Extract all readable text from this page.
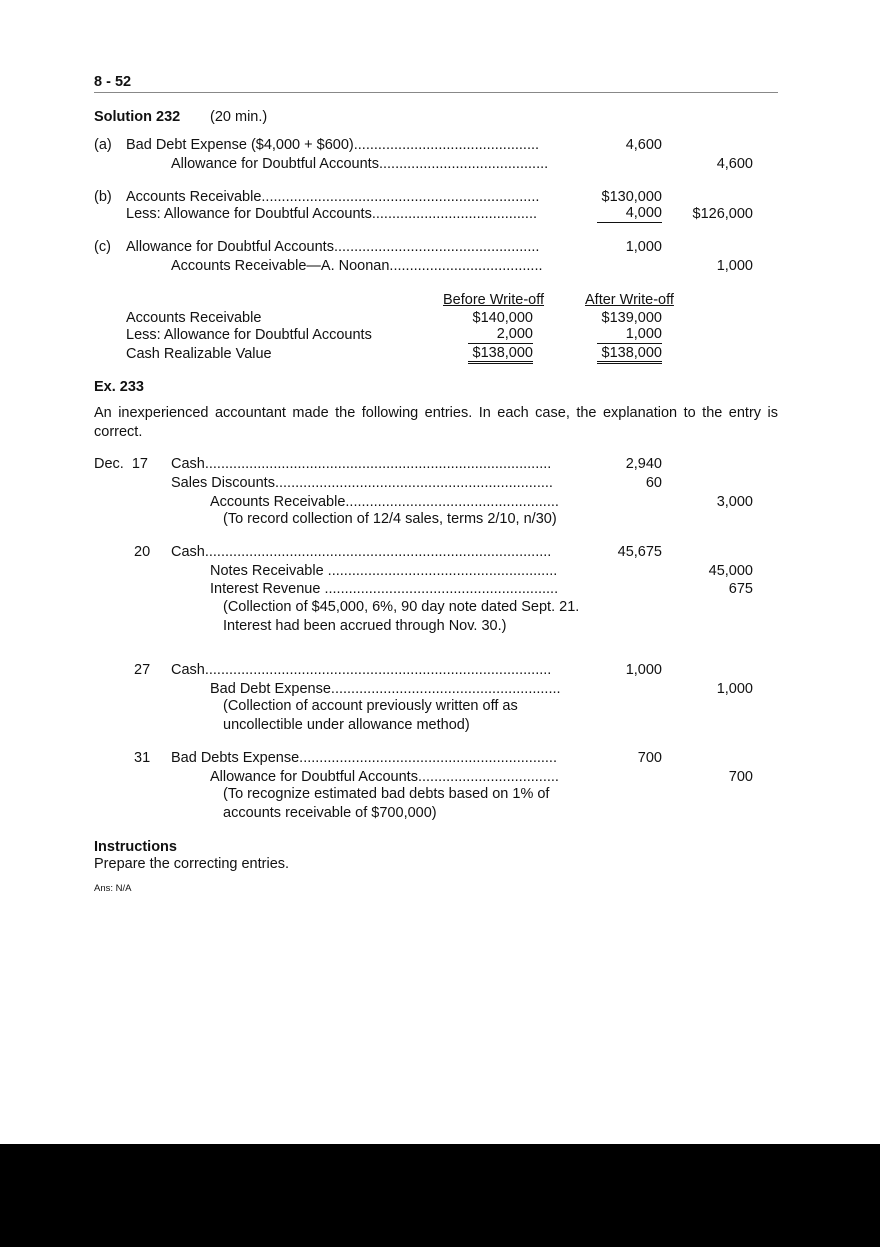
8 - 52
Solution 232 (20 min.)
(a) Bad Debt Expense ($4,000 + $600)..............................................	4,600
Allowance for Doubtful Accounts..........................................	4,600
(b) Accounts Receivable.....................................................................	$130,000
Less: Allowance for Doubtful Accounts.........................................	4,000	$126,000
(c) Allowance for Doubtful Accounts...................................................	1,000
Accounts Receivable—A. Noonan......................................	1,000
Before Write-off	After Write-off
Accounts Receivable	$140,000	$139,000
Less: Allowance for Doubtful Accounts	2,000	1,000
Cash Realizable Value	$138,000	$138,000
Ex. 233
An inexperienced accountant made the following entries. In each case, the explanation to the entry is correct.
Dec.  17 Cash......................................................................................	2,940
Sales Discounts.....................................................................	60
Accounts Receivable.....................................................	3,000
(To record collection of 12/4 sales, terms 2/10, n/30)
20 Cash......................................................................................	45,675
Notes Receivable .........................................................	45,000
Interest Revenue ..........................................................	675
(Collection of $45,000, 6%, 90 day note dated Sept. 21.
Interest had been accrued through Nov. 30.)
27 Cash......................................................................................	1,000
Bad Debt Expense.........................................................	1,000
(Collection of account previously written off as
uncollectible under allowance method)
31 Bad Debts Expense................................................................	700
Allowance for Doubtful Accounts...................................	700
(To recognize estimated bad debts based on 1% of
accounts receivable of $700,000)
Instructions
Prepare the correcting entries.
Ans: N/A
